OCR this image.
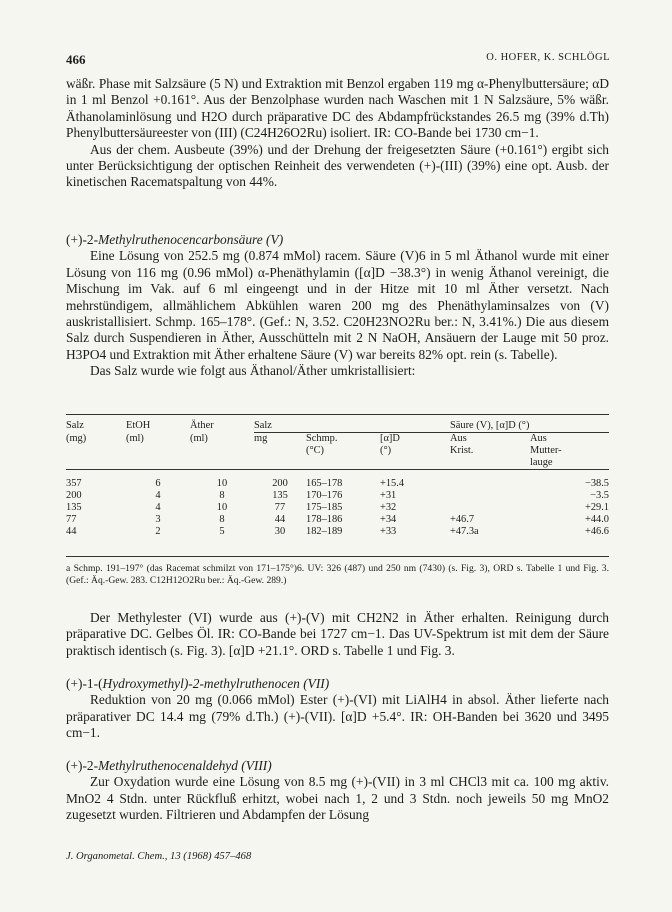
466	O. HOFER, K. SCHLÖGL

wäßr. Phase mit Salzsäure (5 N) und Extraktion mit Benzol ergaben 119 mg α-Phenylbuttersäure; αD in 1 ml Benzol +0.161°. Aus der Benzolphase wurden nach Waschen mit 1 N Salzsäure, 5% wäßr. Äthanolaminlösung und H2O durch präparative DC des Abdampfrückstandes 26.5 mg (39% d.Th) Phenylbuttersäureester von (III) (C24H26O2Ru) isoliert. IR: CO-Bande bei 1730 cm−1.

Aus der chem. Ausbeute (39%) und der Drehung der freigesetzten Säure (+0.161°) ergibt sich unter Berücksichtigung der optischen Reinheit des verwendeten (+)-(III) (39%) eine opt. Ausb. der kinetischen Racematspaltung von 44%.

(+)-2-Methylruthenocencarbonsäure (V)

Eine Lösung von 252.5 mg (0.874 mMol) racem. Säure (V)6 in 5 ml Äthanol wurde mit einer Lösung von 116 mg (0.96 mMol) α-Phenäthylamin ([α]D −38.3°) in wenig Äthanol vereinigt, die Mischung im Vak. auf 6 ml eingeengt und in der Hitze mit 10 ml Äther versetzt. Nach mehrstündigem, allmählichem Abkühlen waren 200 mg des Phenäthylaminsalzes von (V) auskristallisiert. Schmp. 165–178°. (Gef.: N, 3.52. C20H23NO2Ru ber.: N, 3.41%.) Die aus diesem Salz durch Suspendieren in Äther, Ausschütteln mit 2 N NaOH, Ansäuern der Lauge mit 50 proz. H3PO4 und Extraktion mit Äther erhaltene Säure (V) war bereits 82% opt. rein (s. Tabelle).

Das Salz wurde wie folgt aus Äthanol/Äther umkristallisiert:

Salz	EtOH	Äther	Salz			Säure (V), [α]D (°)	
(mg)	(ml)	(ml)	mg	Schmp.	[α]D	Aus	Aus
				(°C)	(°)	Krist.	Mutter-
							lauge

357	6	10	200	165–178	+15.4		−38.5
200	4	8	135	170–176	+31		−3.5
135	4	10	77	175–185	+32		+29.1
77	3	8	44	178–186	+34	+46.7	+44.0
44	2	5	30	182–189	+33	+47.3a	+46.6
a Schmp. 191–197° (das Racemat schmilzt von 171–175°)6. UV: 326 (487) und 250 nm (7430) (s. Fig. 3), ORD s. Tabelle 1 und Fig. 3. (Gef.: Äq.-Gew. 283. C12H12O2Ru ber.: Äq.-Gew. 289.)

Der Methylester (VI) wurde aus (+)-(V) mit CH2N2 in Äther erhalten. Reinigung durch präparative DC. Gelbes Öl. IR: CO-Bande bei 1727 cm−1. Das UV-Spektrum ist mit dem der Säure praktisch identisch (s. Fig. 3). [α]D +21.1°. ORD s. Tabelle 1 und Fig. 3.

(+)-1-(Hydroxymethyl)-2-methylruthenocen (VII)

Reduktion von 20 mg (0.066 mMol) Ester (+)-(VI) mit LiAlH4 in absol. Äther lieferte nach präparativer DC 14.4 mg (79% d.Th.) (+)-(VII). [α]D +5.4°. IR: OH-Banden bei 3620 und 3495 cm−1.

(+)-2-Methylruthenocenaldehyd (VIII)

Zur Oxydation wurde eine Lösung von 8.5 mg (+)-(VII) in 3 ml CHCl3 mit ca. 100 mg aktiv. MnO2 4 Stdn. unter Rückfluß erhitzt, wobei nach 1, 2 und 3 Stdn. noch jeweils 50 mg MnO2 zugesetzt wurden. Filtrieren und Abdampfen der Lösung

J. Organometal. Chem., 13 (1968) 457–468
